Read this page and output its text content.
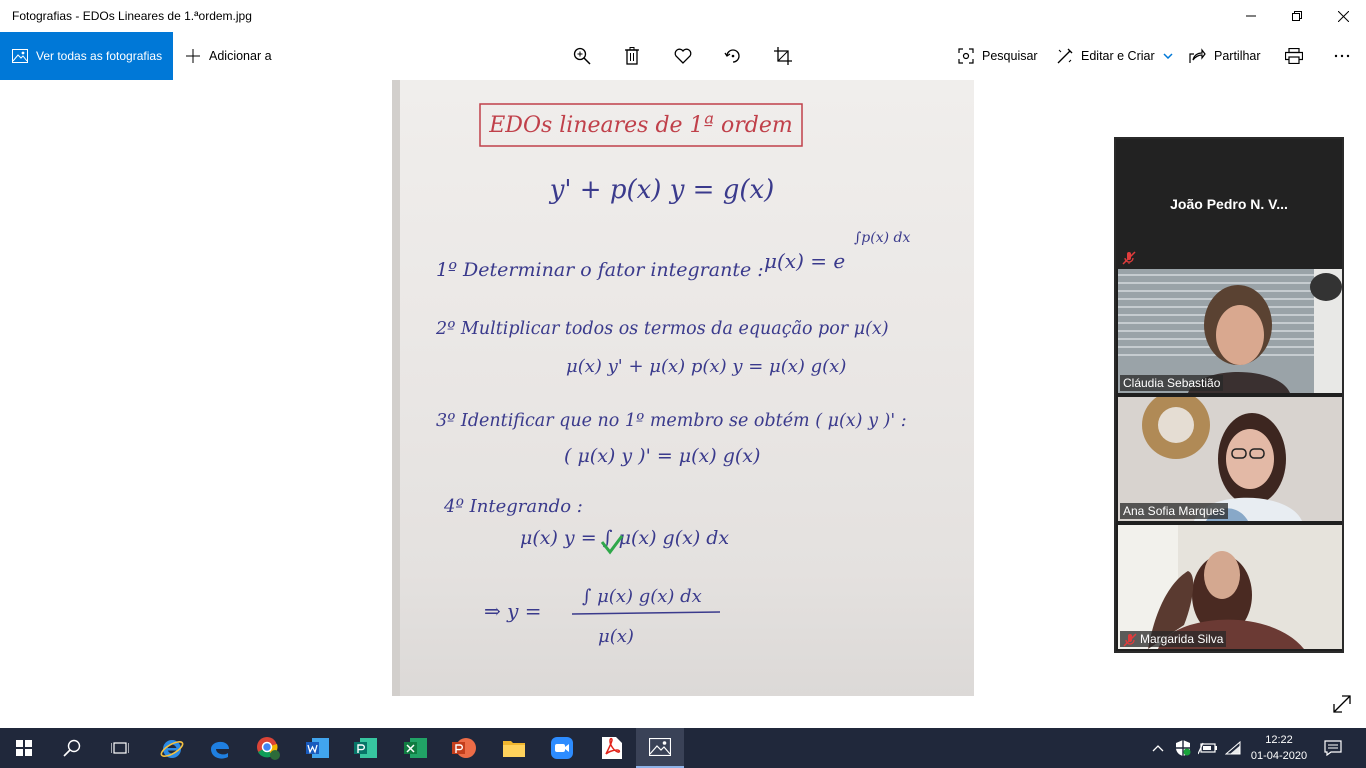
Fotografias - EDOs Lineares de 1.ªordem.jpg
Ver todas as fotografias	Adicionar a	Pesquisar	Editar e Criar	Partilhar
EDOs lineares de 1ª ordem
y' + p(x) y = g(x)
1º Determinar o fator integrante : μ(x) = e
∫p(x) dx
2º Multiplicar todos os termos da equação por μ(x)
μ(x) y' + μ(x) p(x) y = μ(x) g(x)
3º Identificar que no 1º membro se obtém ( μ(x) y )' :
( μ(x) y )' = μ(x) g(x)
4º Integrando :
μ(x) y = ∫ μ(x) g(x) dx
⇒ y =
∫ μ(x) g(x) dx
μ(x)
João Pedro N. V...
Cláudia Sebastião
Ana Sofia Marques
Margarida Silva
12:22
01-04-2020
